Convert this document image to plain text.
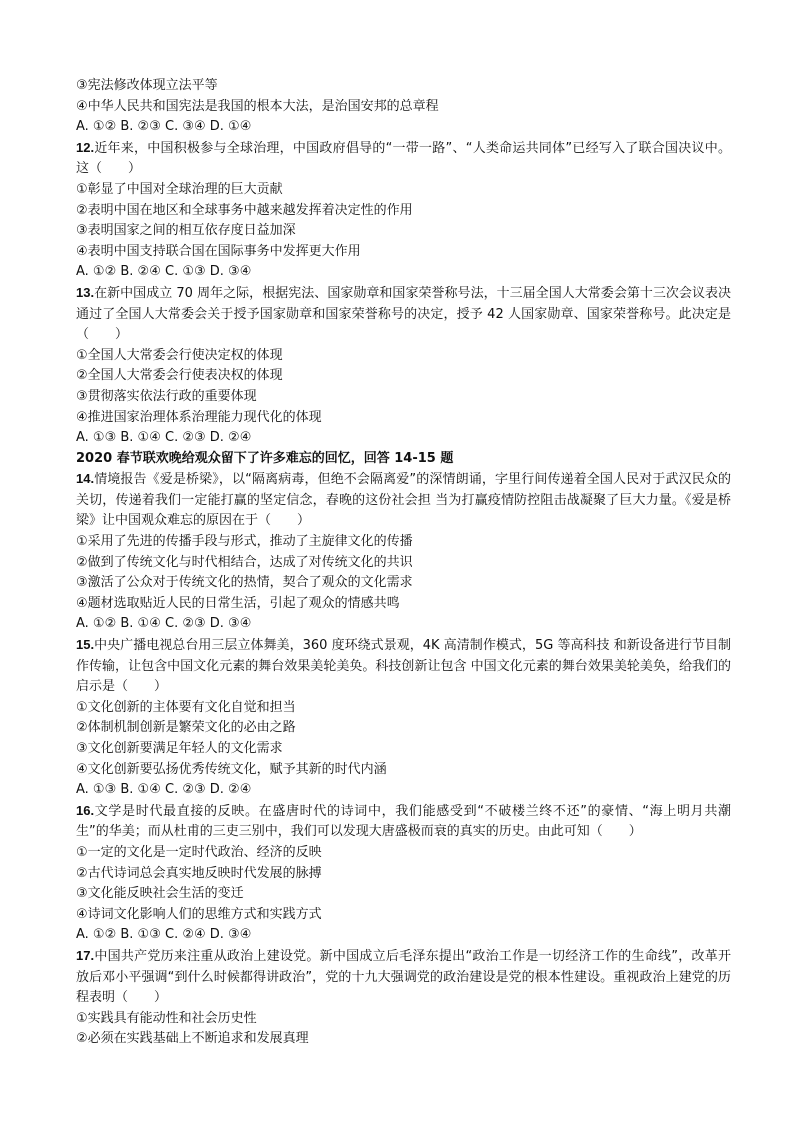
③宪法修改体现立法平等
④中华人民共和国宪法是我国的根本大法，是治国安邦的总章程
A. ①② B. ②③ C. ③④ D. ①④
12.近年来，中国积极参与全球治理，中国政府倡导的“一带一路”、“人类命运共同体”已经写入了联合国决议中。这（　　）
①彰显了中国对全球治理的巨大贡献
②表明中国在地区和全球事务中越来越发挥着决定性的作用
③表明国家之间的相互依存度日益加深
④表明中国支持联合国在国际事务中发挥更大作用
A. ①② B. ②④ C. ①③ D. ③④
13.在新中国成立 70 周年之际，根据宪法、国家勋章和国家荣誉称号法，十三届全国人大常委会第十三次会议表决通过了全国人大常委会关于授予国家勋章和国家荣誉称号的决定，授予 42 人国家勋章、国家荣誉称号。此决定是（　　）
①全国人大常委会行使决定权的体现
②全国人大常委会行使表决权的体现
③贯彻落实依法行政的重要体现
④推进国家治理体系治理能力现代化的体现
A. ①③ B. ①④ C. ②③ D. ②④
2020 春节联欢晚给观众留下了许多难忘的回忆，回答 14-15 题
14.情境报告《爱是桥梁》，以“隔离病毒，但绝不会隔离爱”的深情朗诵，字里行间传递着全国人民对于武汉民众的关切，传递着我们一定能打赢的坚定信念，春晚的这份社会担 当为打赢疫情防控阻击战凝聚了巨大力量。《爱是桥梁》让中国观众难忘的原因在于（　　）
①采用了先进的传播手段与形式，推动了主旋律文化的传播
②做到了传统文化与时代相结合，达成了对传统文化的共识
③激活了公众对于传统文化的热情，契合了观众的文化需求
④题材选取贴近人民的日常生活，引起了观众的情感共鸣
A. ①② B. ①④ C. ②③ D. ③④
15.中央广播电视总台用三层立体舞美，360 度环绕式景观，4K 高清制作模式，5G 等高科技 和新设备进行节目制作传输，让包含中国文化元素的舞台效果美轮美奂。科技创新让包含 中国文化元素的舞台效果美轮美奂，给我们的启示是（　　）
①文化创新的主体要有文化自觉和担当
②体制机制创新是繁荣文化的必由之路
③文化创新要满足年轻人的文化需求
④文化创新要弘扬优秀传统文化，赋予其新的时代内涵
A. ①③ B. ①④ C. ②③ D. ②④
16.文学是时代最直接的反映。在盛唐时代的诗词中，我们能感受到“不破楼兰终不还”的豪情、“海上明月共潮生”的华美；而从杜甫的三吏三别中，我们可以发现大唐盛极而衰的真实的历史。由此可知（　　）
①一定的文化是一定时代政治、经济的反映
②古代诗词总会真实地反映时代发展的脉搏
③文化能反映社会生活的变迁
④诗词文化影响人们的思维方式和实践方式
A. ①② B. ①③ C. ②④ D. ③④
17.中国共产党历来注重从政治上建设党。新中国成立后毛泽东提出“政治工作是一切经济工作的生命线”，改革开放后邓小平强调“到什么时候都得讲政治”，党的十九大强调党的政治建设是党的根本性建设。重视政治上建党的历程表明（　　）
①实践具有能动性和社会历史性
②必须在实践基础上不断追求和发展真理
